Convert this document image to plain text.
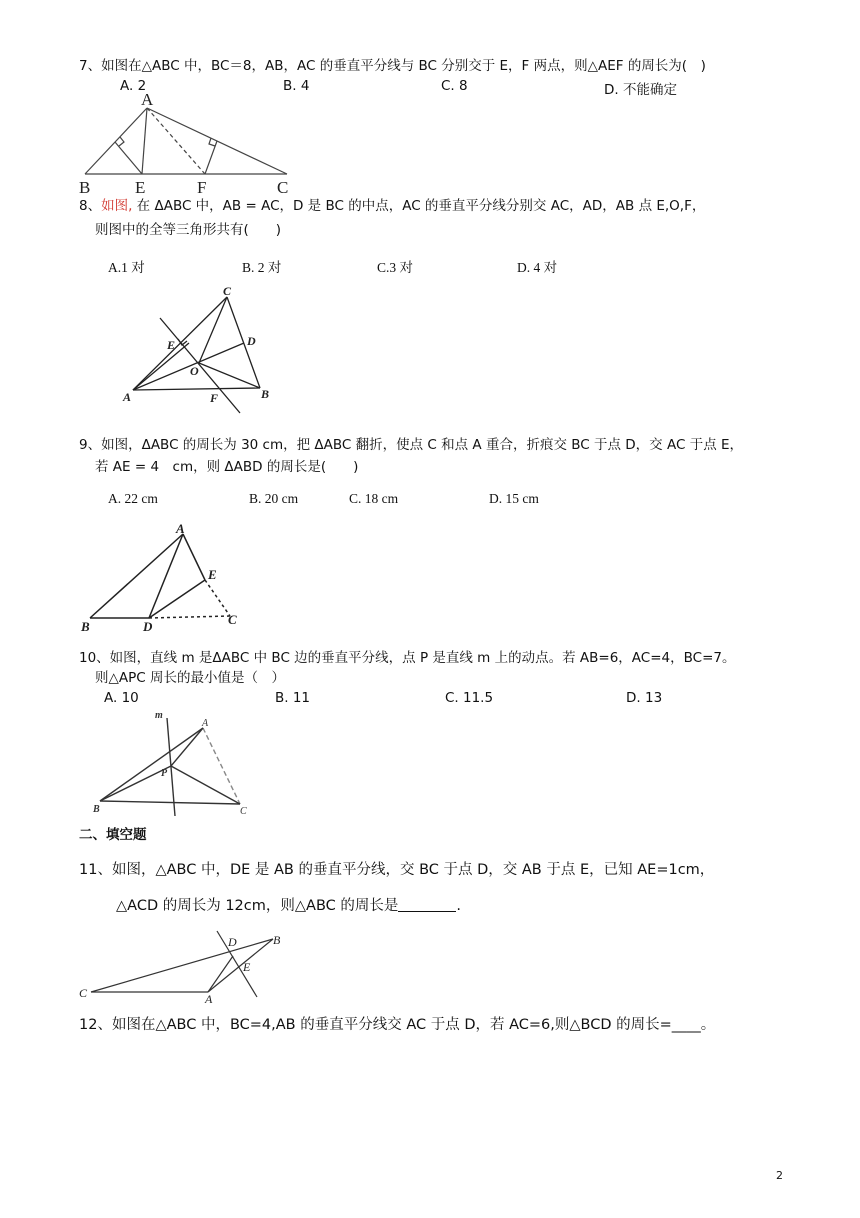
7、如图在△ABC 中，BC＝8，AB，AC 的垂直平分线与 BC 分别交于 E，F 两点，则△AEF 的周长为(　)
A. 2	B. 4	C. 8	D. 不能确定
A
B	E	F	C
8、如图, 在 ΔABC 中，AB = AC，D 是 BC 的中点，AC 的垂直平分线分别交 AC，AD，AB 点 E,O,F，
则图中的全等三角形共有(　　)
A.1 对	B. 2 对	C.3 对	D. 4 对
C
D
E
O
A	F	B
9、如图，ΔABC 的周长为 30 cm，把 ΔABC 翻折，使点 C 和点 A 重合，折痕交 BC 于点 D，交 AC 于点 E，
若 AE = 4　cm，则 ΔABD 的周长是(　　)
A. 22 cm	B. 20 cm	C. 18 cm	D. 15 cm
A
E
B	D	C
10、如图，直线 m 是ΔABC 中 BC 边的垂直平分线，点 P 是直线 m 上的动点。若 AB=6，AC=4，BC=7。
则△APC 周长的最小值是（　）
A. 10	B. 11	C. 11.5	D. 13
m
A
P
B	C
二、填空题
11、如图，△ABC 中，DE 是 AB 的垂直平分线，交 BC 于点 D，交 AB 于点 E，已知 AE=1cm，
△ACD 的周长为 12cm，则△ABC 的周长是	.
D	B
E
C	A
12、如图在△ABC 中，BC=4,AB 的垂直平分线交 AC 于点 D，若 AC=6,则△BCD 的周长=____。
2
